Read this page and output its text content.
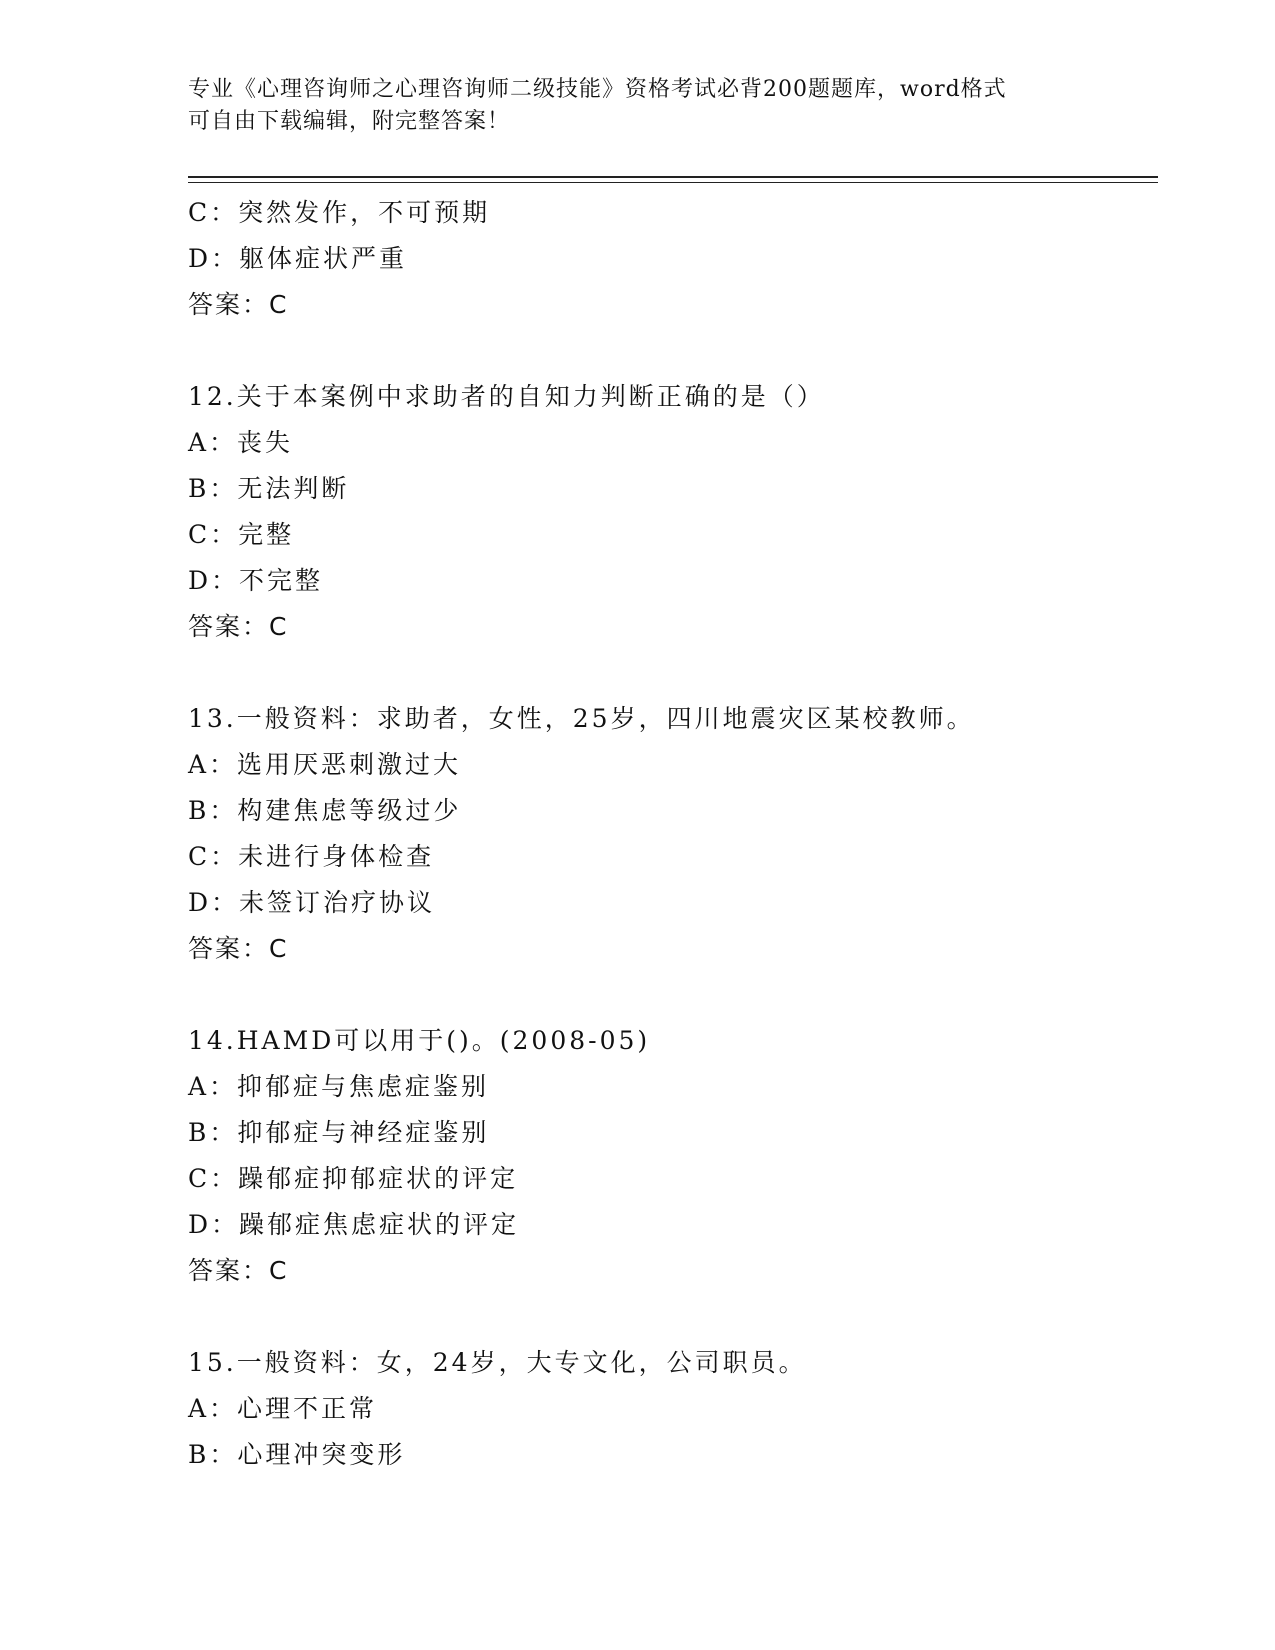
专业《心理咨询师之心理咨询师二级技能》资格考试必背200题题库，word格式
可自由下载编辑，附完整答案！
C：突然发作，不可预期
D：躯体症状严重
答案：C
12.关于本案例中求助者的自知力判断正确的是（）
A：丧失
B：无法判断
C：完整
D：不完整
答案：C
13.一般资料：求助者，女性，25岁，四川地震灾区某校教师。
A：选用厌恶刺激过大
B：构建焦虑等级过少
C：未进行身体检查
D：未签订治疗协议
答案：C
14.HAMD可以用于()。(2008-05)
A：抑郁症与焦虑症鉴别
B：抑郁症与神经症鉴别
C：躁郁症抑郁症状的评定
D：躁郁症焦虑症状的评定
答案：C
15.一般资料：女，24岁，大专文化，公司职员。
A：心理不正常
B：心理冲突变形
